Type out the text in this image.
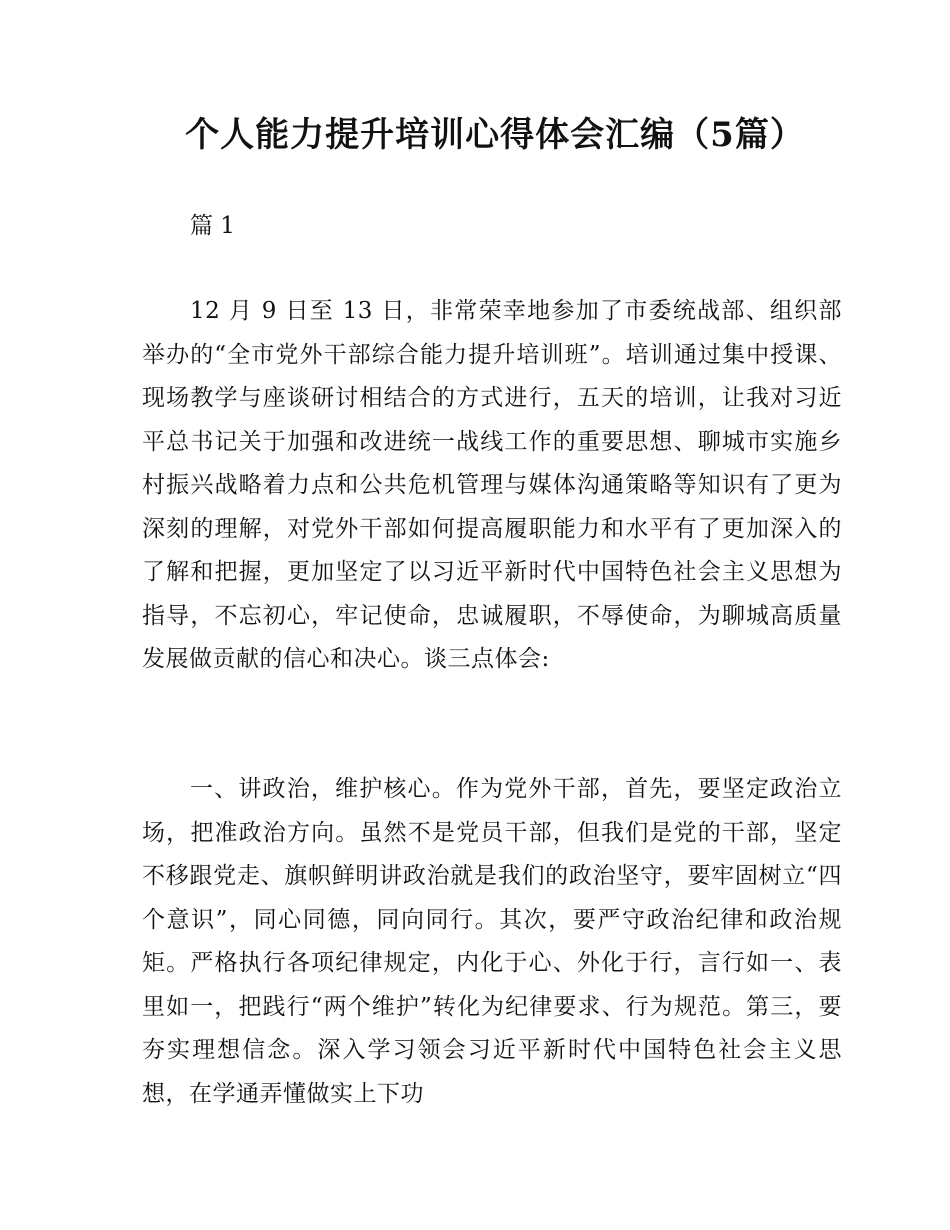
个人能力提升培训心得体会汇编（5篇）

篇 1

12 月 9 日至 13 日，非常荣幸地参加了市委统战部、组织部举办的“全市党外干部综合能力提升培训班”。培训通过集中授课、现场教学与座谈研讨相结合的方式进行，五天的培训，让我对习近平总书记关于加强和改进统一战线工作的重要思想、聊城市实施乡村振兴战略着力点和公共危机管理与媒体沟通策略等知识有了更为深刻的理解，对党外干部如何提高履职能力和水平有了更加深入的了解和把握，更加坚定了以习近平新时代中国特色社会主义思想为指导，不忘初心，牢记使命，忠诚履职，不辱使命，为聊城高质量发展做贡献的信心和决心。谈三点体会:

一、讲政治，维护核心。作为党外干部，首先，要坚定政治立场，把准政治方向。虽然不是党员干部，但我们是党的干部，坚定不移跟党走、旗帜鲜明讲政治就是我们的政治坚守，要牢固树立“四个意识”，同心同德，同向同行。其次，要严守政治纪律和政治规矩。严格执行各项纪律规定，内化于心、外化于行，言行如一、表里如一，把践行“两个维护”转化为纪律要求、行为规范。第三，要夯实理想信念。深入学习领会习近平新时代中国特色社会主义思想，在学通弄懂做实上下功
